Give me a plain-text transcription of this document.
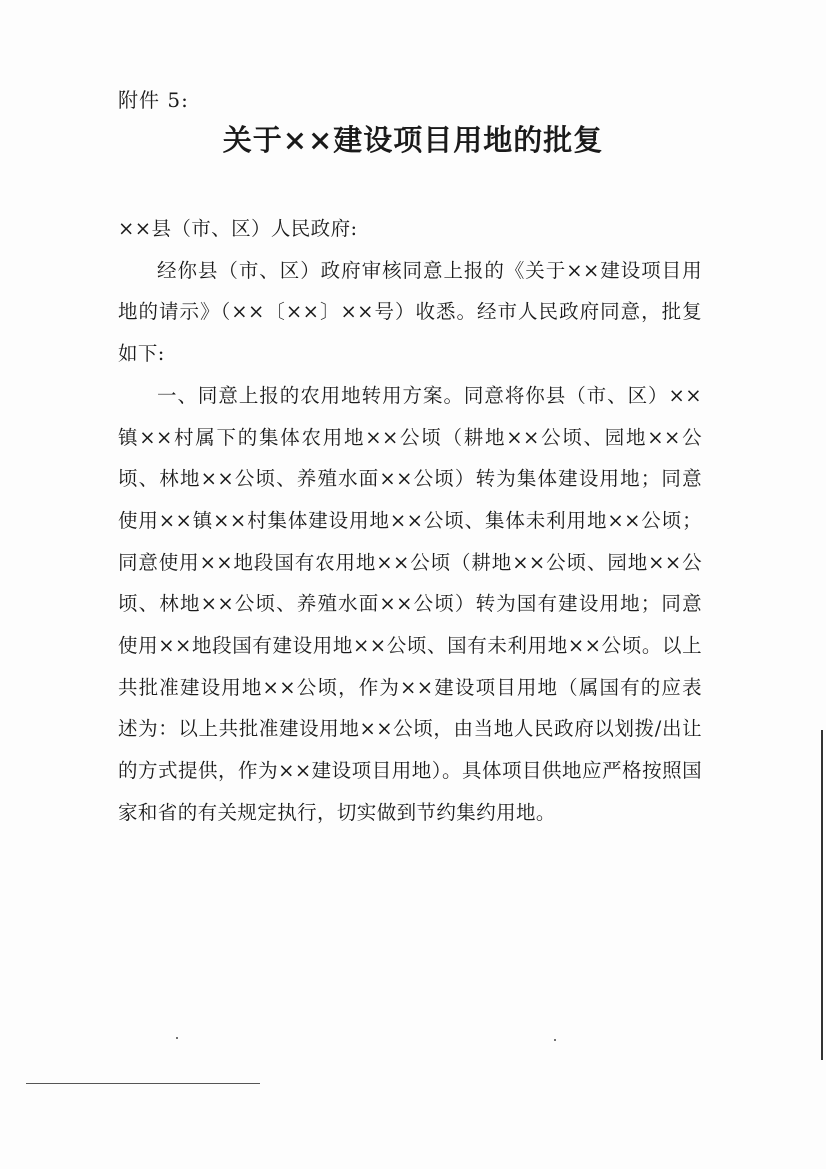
附件 5:
关于××建设项目用地的批复

××县（市、区）人民政府:

经你县（市、区）政府审核同意上报的《关于××建设项目用地的请示》（××〔××〕××号）收悉。经市人民政府同意，批复如下:

一、同意上报的农用地转用方案。同意将你县（市、区）××镇××村属下的集体农用地××公顷（耕地××公顷、园地××公顷、林地××公顷、养殖水面××公顷）转为集体建设用地；同意使用××镇××村集体建设用地××公顷、集体未利用地××公顷；同意使用××地段国有农用地××公顷（耕地××公顷、园地××公顷、林地××公顷、养殖水面××公顷）转为国有建设用地；同意使用××地段国有建设用地××公顷、国有未利用地××公顷。以上共批准建设用地××公顷，作为××建设项目用地（属国有的应表述为：以上共批准建设用地××公顷，由当地人民政府以划拨/出让的方式提供，作为××建设项目用地）。具体项目供地应严格按照国家和省的有关规定执行，切实做到节约集约用地。
